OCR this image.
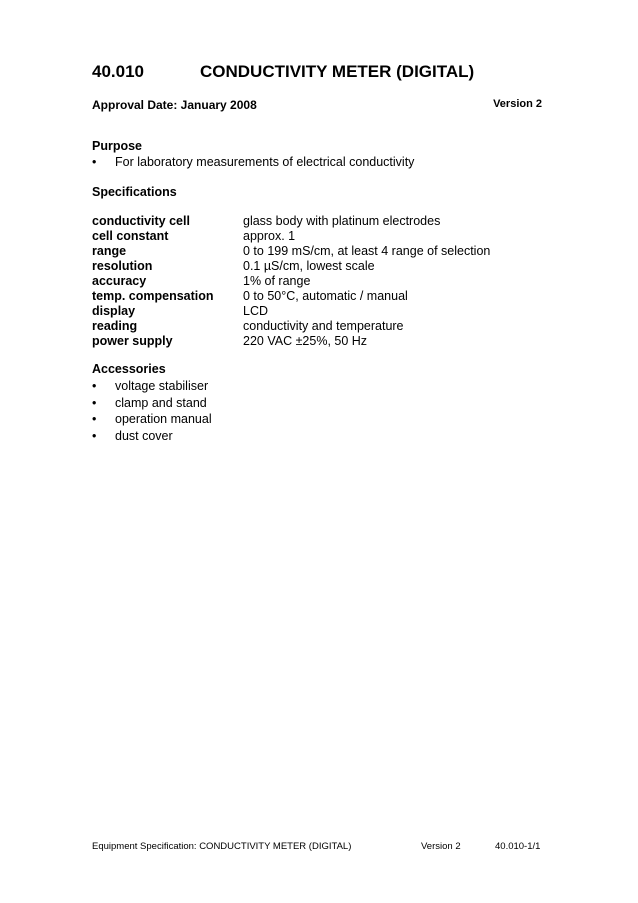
40.010	CONDUCTIVITY METER (DIGITAL)
Approval Date: January 2008	Version 2
Purpose
• For laboratory measurements of electrical conductivity
Specifications
conductivity cell	glass body with platinum electrodes
cell constant	approx. 1
range	0 to 199 mS/cm, at least 4 range of selection
resolution	0.1 µS/cm, lowest scale
accuracy	1% of range
temp. compensation 0 to 50°C, automatic / manual
display	LCD
reading	conductivity and temperature
power supply	220 VAC ±25%, 50 Hz
Accessories
• voltage stabiliser
• clamp and stand
• operation manual
• dust cover
Equipment Specification: CONDUCTIVITY METER (DIGITAL)	Version 2	40.010-1/1
